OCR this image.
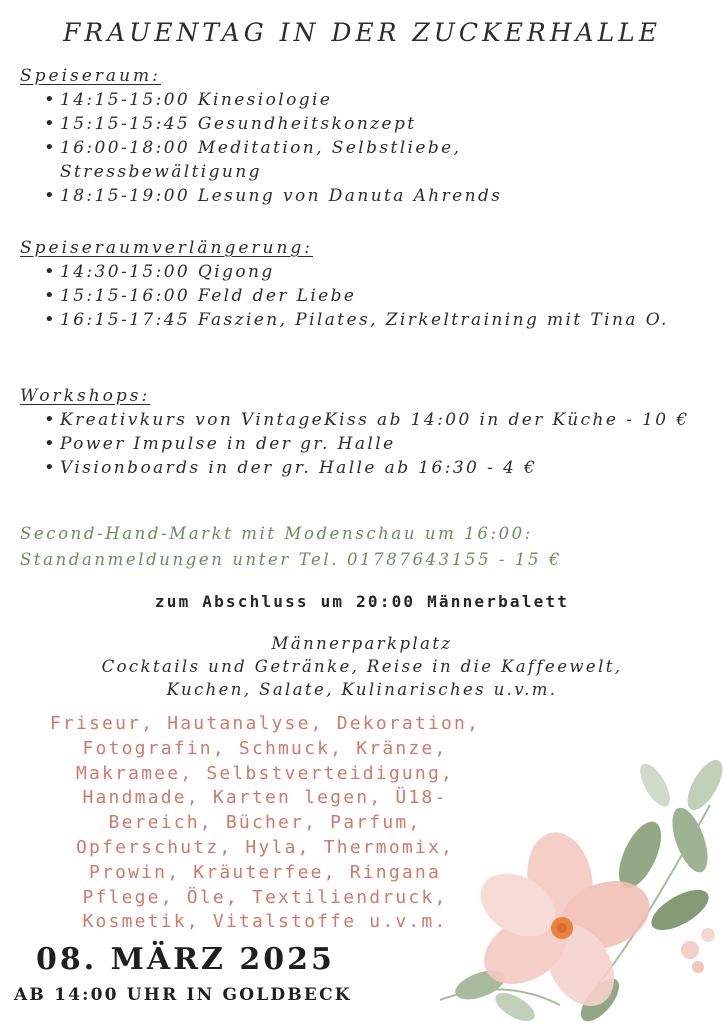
FRAUENTAG IN DER ZUCKERHALLE
Speiseraum:
• 14:15-15:00 Kinesiologie
• 15:15-15:45 Gesundheitskonzept
• 16:00-18:00 Meditation, Selbstliebe, Stressbewältigung
• 18:15-19:00 Lesung von Danuta Ahrends
Speiseraumverlängerung:
• 14:30-15:00 Qigong
• 15:15-16:00 Feld der Liebe
• 16:15-17:45 Faszien, Pilates, Zirkeltraining mit Tina O.
Workshops:
• Kreativkurs von VintageKiss ab 14:00 in der Küche - 10 €
• Power Impulse in der gr. Halle
• Visionboards in der gr. Halle ab 16:30 - 4 €
Second-Hand-Markt mit Modenschau um 16:00:
Standanmeldungen unter Tel. 01787643155 - 15 €
zum Abschluss um 20:00 Männerbalett
Männerparkplatz
Cocktails und Getränke, Reise in die Kaffeewelt,
Kuchen, Salate, Kulinarisches u.v.m.
Friseur, Hautanalyse, Dekoration,
Fotografin, Schmuck, Kränze,
Makramee, Selbstverteidigung,
Handmade, Karten legen, Ü18-
Bereich, Bücher, Parfum,
Opferschutz, Hyla, Thermomix,
Prowin, Kräuterfee, Ringana
Pflege, Öle, Textiliendruck,
Kosmetik, Vitalstoffe u.v.m.
08. MÄRZ 2025
AB 14:00 UHR IN GOLDBECK
